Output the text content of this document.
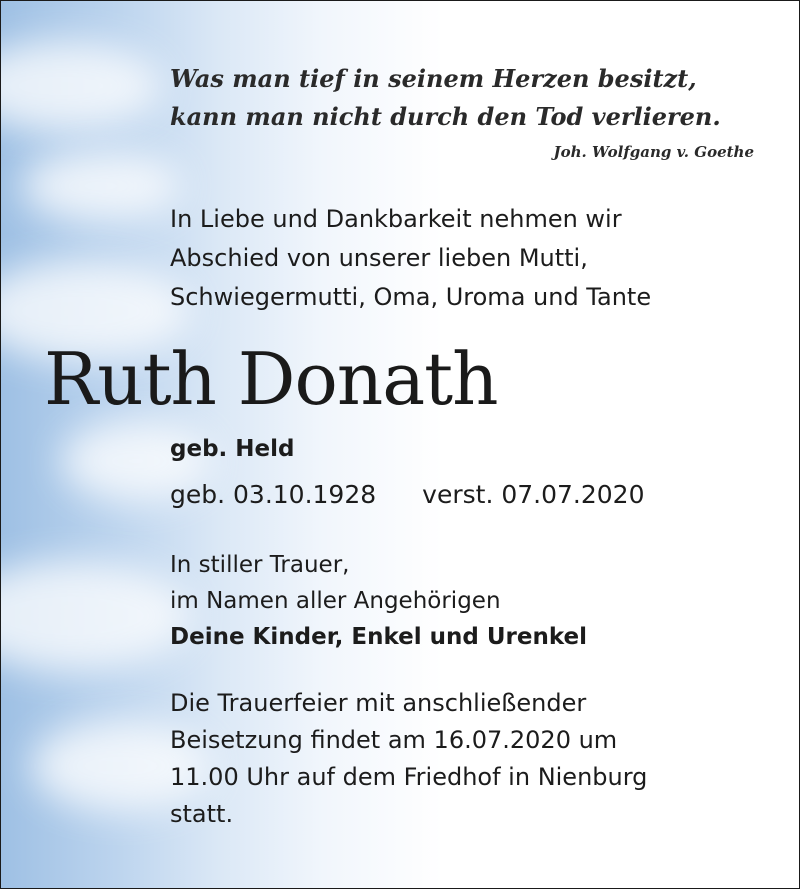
Was man tief in seinem Herzen besitzt,
kann man nicht durch den Tod verlieren.

Joh. Wolfgang v. Goethe
In Liebe und Dankbarkeit nehmen wir
Abschied von unserer lieben Mutti,
Schwiegermutti, Oma, Uroma und Tante
Ruth Donath
geb. Held
geb. 03.10.1928 verst. 07.07.2020
In stiller Trauer,
im Namen aller Angehörigen
Deine Kinder, Enkel und Urenkel
Die Trauerfeier mit anschließender
Beisetzung findet am 16.07.2020 um
11.00 Uhr auf dem Friedhof in Nienburg
statt.
